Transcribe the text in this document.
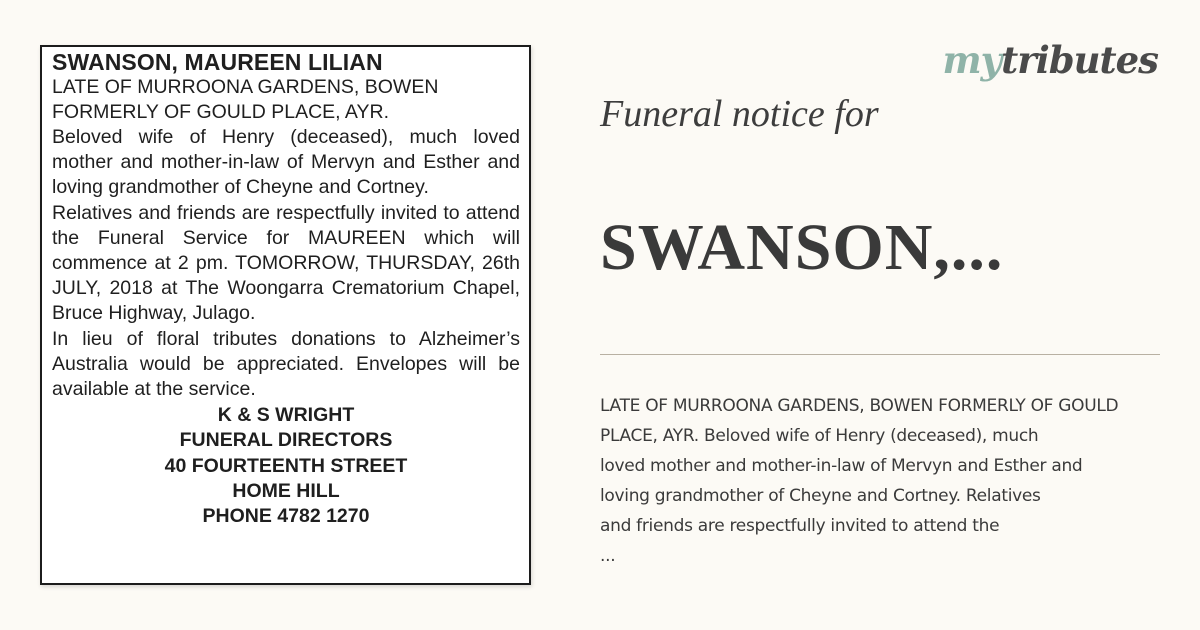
SWANSON, MAUREEN LILIAN
LATE OF MURROONA GARDENS, BOWEN
FORMERLY OF GOULD PLACE, AYR.

Beloved wife of Henry (deceased), much loved mother and mother-in-law of Mervyn and Esther and loving grandmother of Cheyne and Cortney.

Relatives and friends are respectfully invited to attend the Funeral Service for MAUREEN which will commence at 2 pm. TOMORROW, THURSDAY, 26th JULY, 2018 at The Woongarra Crematorium Chapel, Bruce Highway, Julago.

In lieu of floral tributes donations to Alzheimer’s Australia would be appreciated. Envelopes will be available at the service.

K & S WRIGHT
FUNERAL DIRECTORS
40 FOURTEENTH STREET
HOME HILL
PHONE 4782 1270
mytributes
Funeral notice for
SWANSON,...
LATE OF MURROONA GARDENS, BOWEN FORMERLY OF GOULD
PLACE, AYR. Beloved wife of Henry (deceased), much
loved mother and mother-in-law of Mervyn and Esther and
loving grandmother of Cheyne and Cortney. Relatives
and friends are respectfully invited to attend the
...
